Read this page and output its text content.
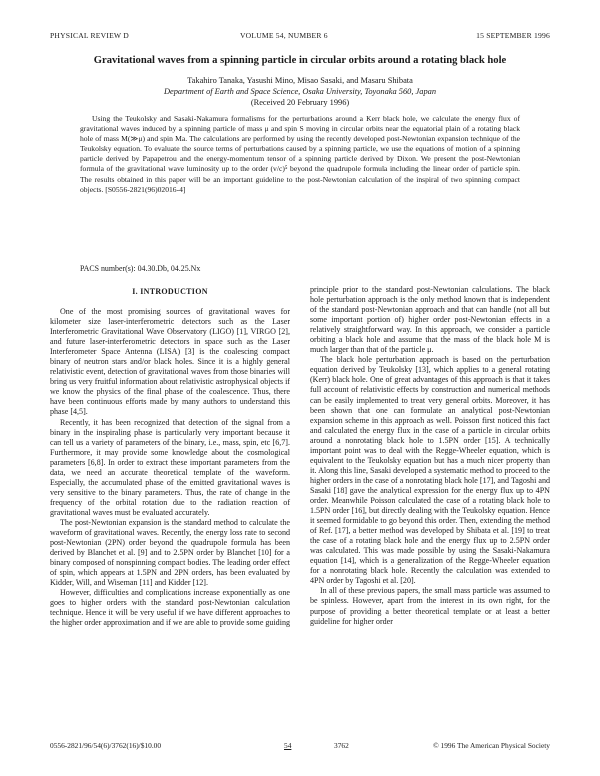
PHYSICAL REVIEW D	VOLUME 54, NUMBER 6	15 SEPTEMBER 1996
Gravitational waves from a spinning particle in circular orbits around a rotating black hole
Takahiro Tanaka, Yasushi Mino, Misao Sasaki, and Masaru Shibata
Department of Earth and Space Science, Osaka University, Toyonaka 560, Japan
(Received 20 February 1996)
Using the Teukolsky and Sasaki-Nakamura formalisms for the perturbations around a Kerr black hole, we calculate the energy flux of gravitational waves induced by a spinning particle of mass μ and spin S moving in circular orbits near the equatorial plain of a rotating black hole of mass M(≫μ) and spin Ma. The calculations are performed by using the recently developed post-Newtonian expansion technique of the Teukolsky equation. To evaluate the source terms of perturbations caused by a spinning particle, we use the equations of motion of a spinning particle derived by Papapetrou and the energy-momentum tensor of a spinning particle derived by Dixon. We present the post-Newtonian formula of the gravitational wave luminosity up to the order (v/c)⁵ beyond the quadrupole formula including the linear order of particle spin. The results obtained in this paper will be an important guideline to the post-Newtonian calculation of the inspiral of two spinning compact objects. [S0556-2821(96)02016-4]
PACS number(s): 04.30.Db, 04.25.Nx
I. INTRODUCTION

One of the most promising sources of gravitational waves for kilometer size laser-interferometric detectors such as the Laser Interferometric Gravitational Wave Observatory (LIGO) [1], VIRGO [2], and future laser-interferometric detectors in space such as the Laser Interferometer Space Antenna (LISA) [3] is the coalescing compact binary of neutron stars and/or black holes. Since it is a highly general relativistic event, detection of gravitational waves from those binaries will bring us very fruitful information about relativistic astrophysical objects if we know the physics of the final phase of the coalescence. Thus, there have been continuous efforts made by many authors to understand this phase [4,5].

Recently, it has been recognized that detection of the signal from a binary in the inspiraling phase is particularly very important because it can tell us a variety of parameters of the binary, i.e., mass, spin, etc [6,7]. Furthermore, it may provide some knowledge about the cosmological parameters [6,8]. In order to extract these important parameters from the data, we need an accurate theoretical template of the waveform. Especially, the accumulated phase of the emitted gravitational waves is very sensitive to the binary parameters. Thus, the rate of change in the frequency of the orbital rotation due to the radiation reaction of gravitational waves must be evaluated accurately.

The post-Newtonian expansion is the standard method to calculate the waveform of gravitational waves. Recently, the energy loss rate to second post-Newtonian (2PN) order beyond the quadrupole formula has been derived by Blanchet et al. [9] and to 2.5PN order by Blanchet [10] for a binary composed of nonspinning compact bodies. The leading order effect of spin, which appears at 1.5PN and 2PN orders, has been evaluated by Kidder, Will, and Wiseman [11] and Kidder [12].

However, difficulties and complications increase exponentially as one goes to higher orders with the standard post-Newtonian calculation technique. Hence it will be very useful if we have different approaches to the higher order approximation and if we are able to provide some guiding

principle prior to the standard post-Newtonian calculations. The black hole perturbation approach is the only method known that is independent of the standard post-Newtonian approach and that can handle (not all but some important portion of) higher order post-Newtonian effects in a relatively straightforward way. In this approach, we consider a particle orbiting a black hole and assume that the mass of the black hole M is much larger than that of the particle μ.

The black hole perturbation approach is based on the perturbation equation derived by Teukolsky [13], which applies to a general rotating (Kerr) black hole. One of great advantages of this approach is that it takes full account of relativistic effects by construction and numerical methods can be easily implemented to treat very general orbits. Moreover, it has been shown that one can formulate an analytical post-Newtonian expansion scheme in this approach as well. Poisson first noticed this fact and calculated the energy flux in the case of a particle in circular orbits around a nonrotating black hole to 1.5PN order [15]. A technically important point was to deal with the Regge-Wheeler equation, which is equivalent to the Teukolsky equation but has a much nicer property than it. Along this line, Sasaki developed a systematic method to proceed to the higher orders in the case of a nonrotating black hole [17], and Tagoshi and Sasaki [18] gave the analytical expression for the energy flux up to 4PN order. Meanwhile Poisson calculated the case of a rotating black hole to 1.5PN order [16], but directly dealing with the Teukolsky equation. Hence it seemed formidable to go beyond this order. Then, extending the method of Ref. [17], a better method was developed by Shibata et al. [19] to treat the case of a rotating black hole and the energy flux up to 2.5PN order was calculated. This was made possible by using the Sasaki-Nakamura equation [14], which is a generalization of the Regge-Wheeler equation for a nonrotating black hole. Recently the calculation was extended to 4PN order by Tagoshi et al. [20].

In all of these previous papers, the small mass particle was assumed to be spinless. However, apart from the interest in its own right, for the purpose of providing a better theoretical template or at least a better guideline for higher order

0556-2821/96/54(6)/3762(16)/$10.00	54	3762	© 1996 The American Physical Society
